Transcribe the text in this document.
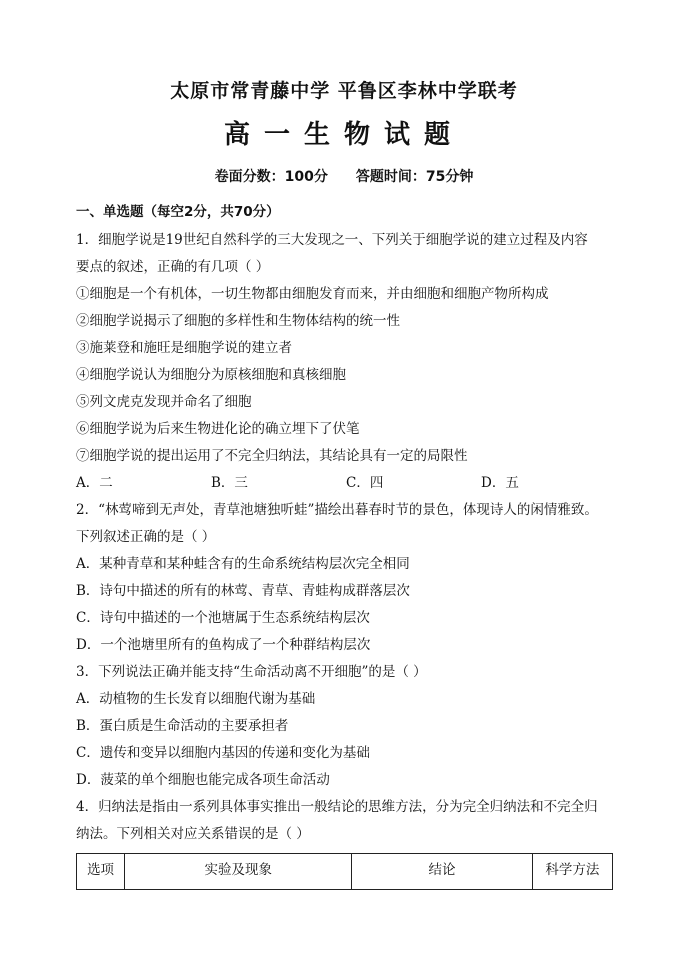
太原市常青藤中学 平鲁区李林中学联考
高一生物试题
卷面分数：100分 答题时间：75分钟
一、单选题（每空2分，共70分）
1．细胞学说是19世纪自然科学的三大发现之一、下列关于细胞学说的建立过程及内容
要点的叙述，正确的有几项（ ）
①细胞是一个有机体，一切生物都由细胞发育而来，并由细胞和细胞产物所构成
②细胞学说揭示了细胞的多样性和生物体结构的统一性
③施莱登和施旺是细胞学说的建立者
④细胞学说认为细胞分为原核细胞和真核细胞
⑤列文虎克发现并命名了细胞
⑥细胞学说为后来生物进化论的确立埋下了伏笔
⑦细胞学说的提出运用了不完全归纳法，其结论具有一定的局限性
A．二	B．三	C．四	D．五
2．“林莺啼到无声处，青草池塘独听蛙”描绘出暮春时节的景色，体现诗人的闲情雅致。
下列叙述正确的是（ ）
A．某种青草和某种蛙含有的生命系统结构层次完全相同
B．诗句中描述的所有的林莺、青草、青蛙构成群落层次
C．诗句中描述的一个池塘属于生态系统结构层次
D．一个池塘里所有的鱼构成了一个种群结构层次
3．下列说法正确并能支持“生命活动离不开细胞”的是（ ）
A．动植物的生长发育以细胞代谢为基础
B．蛋白质是生命活动的主要承担者
C．遗传和变异以细胞内基因的传递和变化为基础
D．菠菜的单个细胞也能完成各项生命活动
4．归纳法是指由一系列具体事实推出一般结论的思维方法，分为完全归纳法和不完全归
纳法。下列相关对应关系错误的是（ ）
选项	实验及现象	结论	科学方法
